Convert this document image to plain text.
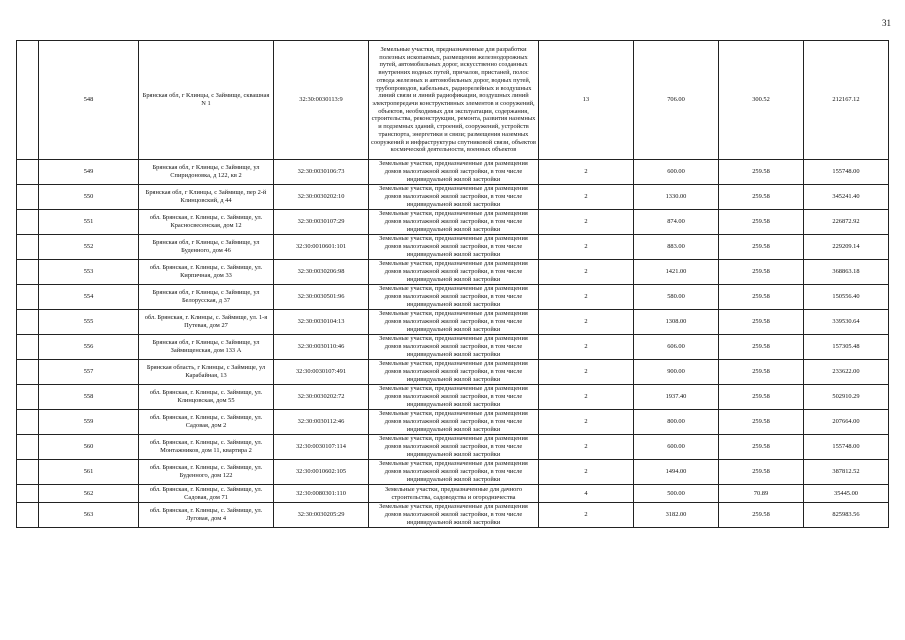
31
	548	Брянская обл, г Клинцы, с Займище, сквашная N 1	32:30:0030113:9	Земельные участки, предназначенные для разработки полезных ископаемых, размещения железнодорожных путей, автомобильных дорог, искусственно созданных внутренних водных путей, причалов, пристаней, полос отвода железных и автомобильных дорог, водных путей, трубопроводов, кабельных, радиорелейных и воздушных линий связи и линий радиофикации, воздушных линий электропередачи конструктивных элементов и сооружений, объектов, необходимых для эксплуатации, содержания, строительства, реконструкции, ремонта, развития наземных и подземных зданий, строений, сооружений, устройств транспорта, энергетики и связи; размещения наземных сооружений и инфраструктуры спутниковой связи, объектов космической деятельности, военных объектов	13	706.00	300.52	212167.12
	549	Брянская обл, г Клинцы, с Займище, ул Спиридоновка, д 122, кв 2	32:30:0030106:73	Земельные участки, предназначенные для размещения домов малоэтажной жилой застройки, в том числе индивидуальной жилой застройки	2	600.00	259.58	155748.00
	550	Брянская обл, г Клинцы, с Займище, пер 2-й Клинцовский, д 44	32:30:0030202:10	Земельные участки, предназначенные для размещения домов малоэтажной жилой застройки, в том числе индивидуальной жилой застройки	2	1330.00	259.58	345241.40
	551	обл. Брянская, г. Клинцы, с. Займище, ул. Красносвесенская, дом 12	32:30:0030107:29	Земельные участки, предназначенные для размещения домов малоэтажной жилой застройки, в том числе индивидуальной жилой застройки	2	874.00	259.58	226872.92
	552	Брянская обл, г Клинцы, с Займище, ул Буденного, дом 46	32:30:0010601:101	Земельные участки, предназначенные для размещения домов малоэтажной жилой застройки, в том числе индивидуальной жилой застройки	2	883.00	259.58	229209.14
	553	обл. Брянская, г. Клинцы, с. Займище, ул. Кирпичная, дом 33	32:30:0030206:98	Земельные участки, предназначенные для размещения домов малоэтажной жилой застройки, в том числе индивидуальной жилой застройки	2	1421.00	259.58	368863.18
	554	Брянская обл, г Клинцы, с Займище, ул Белорусская, д 37	32:30:0030501:96	Земельные участки, предназначенные для размещения домов малоэтажной жилой застройки, в том числе индивидуальной жилой застройки	2	580.00	259.58	150556.40
	555	обл. Брянская, г. Клинцы, с. Займище, ул. 1-я Путевая, дом 27	32:30:0030104:13	Земельные участки, предназначенные для размещения домов малоэтажной жилой застройки, в том числе индивидуальной жилой застройки	2	1308.00	259.58	339530.64
	556	Брянская обл, г Клинцы, с Займище, ул Займищенская, дом 133 А	32:30:0030110:46	Земельные участки, предназначенные для размещения домов малоэтажной жилой застройки, в том числе индивидуальной жилой застройки	2	606.00	259.58	157305.48
	557	Брянская область, г Клинцы, с Займище, ул Карабайная, 13	32:30:0030107:491	Земельные участки, предназначенные для размещения домов малоэтажной жилой застройки, в том числе индивидуальной жилой застройки	2	900.00	259.58	233622.00
	558	обл. Брянская, г. Клинцы, с. Займище, ул. Клинцовская, дом 55	32:30:0030202:72	Земельные участки, предназначенные для размещения домов малоэтажной жилой застройки, в том числе индивидуальной жилой застройки	2	1937.40	259.58	502910.29
	559	обл. Брянская, г. Клинцы, с. Займище, ул. Садовая, дом 2	32:30:0030112:46	Земельные участки, предназначенные для размещения домов малоэтажной жилой застройки, в том числе индивидуальной жилой застройки	2	800.00	259.58	207664.00
	560	обл. Брянская, г. Клинцы, с. Займище, ул. Монтажников, дом 11, квартира 2	32:30:0030107:114	Земельные участки, предназначенные для размещения домов малоэтажной жилой застройки, в том числе индивидуальной жилой застройки	2	600.00	259.58	155748.00
	561	обл. Брянская, г. Клинцы, с. Займище, ул. Буденного, дом 122	32:30:0010602:105	Земельные участки, предназначенные для размещения домов малоэтажной жилой застройки, в том числе индивидуальной жилой застройки	2	1494.00	259.58	387812.52
	562	обл. Брянская, г. Клинцы, с. Займище, ул. Садовая, дом 71	32:30:0080301:110	Земельные участки, предназначенные для дачного строительства, садоводства и огородничества	4	500.00	70.89	35445.00
	563	обл. Брянская, г. Клинцы, с. Займище, ул. Луговая, дом 4	32:30:0030205:29	Земельные участки, предназначенные для размещения домов малоэтажной жилой застройки, в том числе индивидуальной жилой застройки	2	3182.00	259.58	825983.56
